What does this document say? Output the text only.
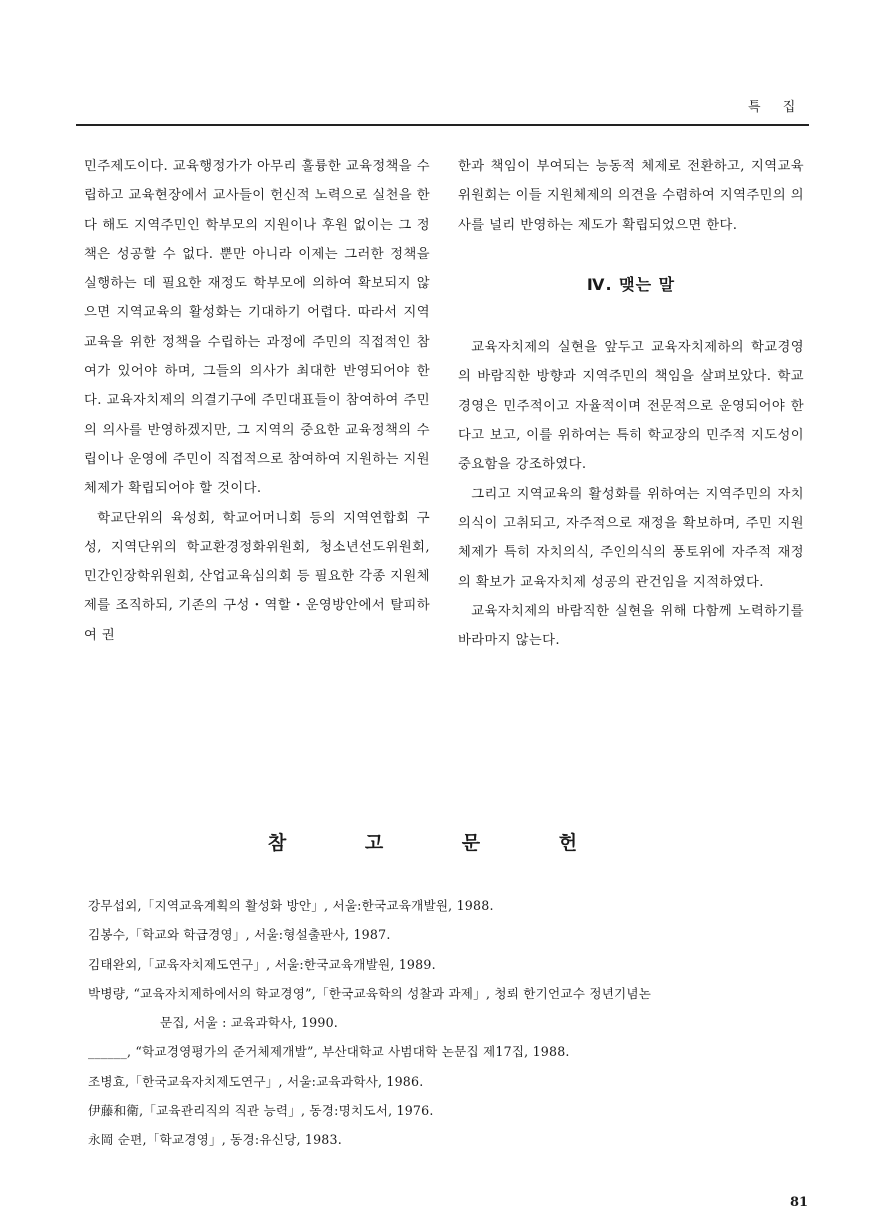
특 집

민주제도이다. 교육행정가가 아무리 훌륭한 교육정책을 수립하고 교육현장에서 교사들이 헌신적 노력으로 실천을 한다 해도 지역주민인 학부모의 지원이나 후원 없이는 그 정책은 성공할 수 없다. 뿐만 아니라 이제는 그러한 정책을 실행하는 데 필요한 재정도 학부모에 의하여 확보되지 않으면 지역교육의 활성화는 기대하기 어렵다. 따라서 지역교육을 위한 정책을 수립하는 과정에 주민의 직접적인 참여가 있어야 하며, 그들의 의사가 최대한 반영되어야 한다. 교육자치제의 의결기구에 주민대표들이 참여하여 주민의 의사를 반영하겠지만, 그 지역의 중요한 교육정책의 수립이나 운영에 주민이 직접적으로 참여하여 지원하는 지원체제가 확립되어야 할 것이다.

학교단위의 육성회, 학교어머니회 등의 지역연합회 구성, 지역단위의 학교환경정화위원회, 청소년선도위원회, 민간인장학위원회, 산업교육심의회 등 필요한 각종 지원체제를 조직하되, 기존의 구성・역할・운영방안에서 탈피하여 권

한과 책임이 부여되는 능동적 체제로 전환하고, 지역교육위원회는 이들 지원체제의 의견을 수렴하여 지역주민의 의사를 널리 반영하는 제도가 확립되었으면 한다.

Ⅳ. 맺는 말

교육자치제의 실현을 앞두고 교육자치제하의 학교경영의 바람직한 방향과 지역주민의 책임을 살펴보았다. 학교경영은 민주적이고 자율적이며 전문적으로 운영되어야 한다고 보고, 이를 위하여는 특히 학교장의 민주적 지도성이 중요함을 강조하였다.

그리고 지역교육의 활성화를 위하여는 지역주민의 자치의식이 고취되고, 자주적으로 재정을 확보하며, 주민 지원체제가 특히 자치의식, 주인의식의 풍토위에 자주적 재정의 확보가 교육자치제 성공의 관건임을 지적하였다.

교육자치제의 바람직한 실현을 위해 다함께 노력하기를 바라마지 않는다.

참 고 문 헌
강무섭외,「지역교육계획의 활성화 방안」, 서울:한국교육개발원, 1988.
김봉수,「학교와 학급경영」, 서울:형설출판사, 1987.
김태완외,「교육자치제도연구」, 서울:한국교육개발원, 1989.
박병량, “교육자치제하에서의 학교경영”,「한국교육학의 성찰과 과제」, 청뢰 한기언교수 정년기념논
문집, 서울 : 교육과학사, 1990.
______, “학교경영평가의 준거체제개발”, 부산대학교 사범대학 논문집 제17집, 1988.
조병효,「한국교육자치제도연구」, 서울:교육과학사, 1986.
伊藤和衛,「교육관리직의 직관 능력」, 동경:명치도서, 1976.
永岡 순편,「학교경영」, 동경:유신당, 1983.
81
